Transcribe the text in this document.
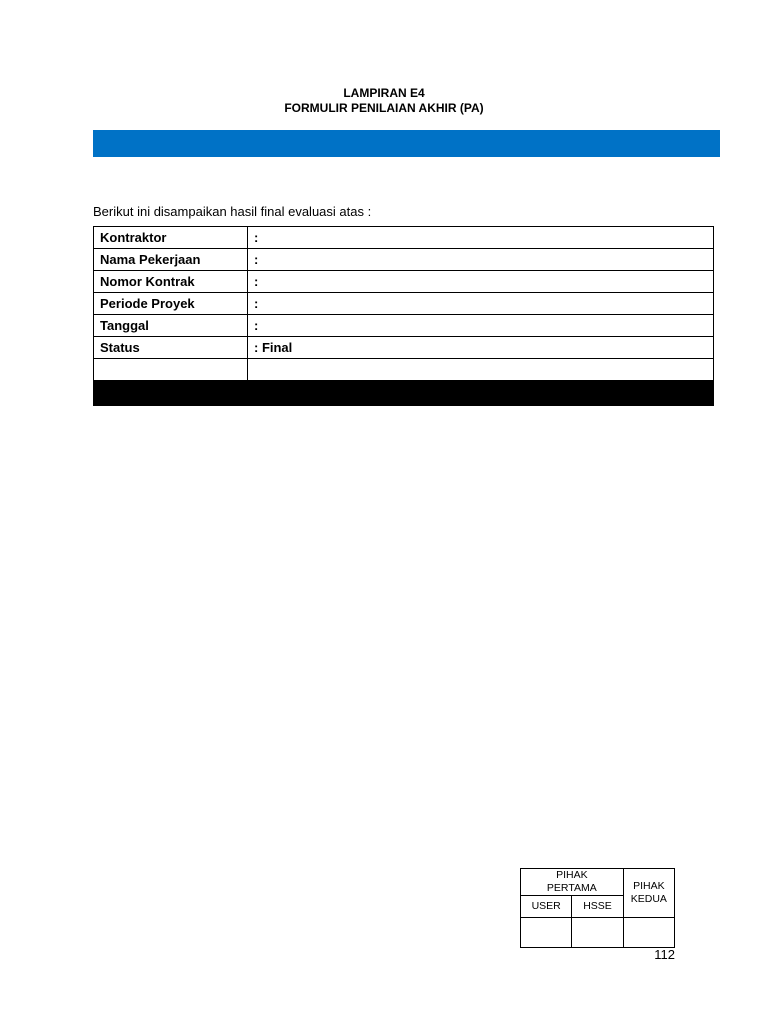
LAMPIRAN E4
FORMULIR PENILAIAN AKHIR (PA)
Berikut ini disampaikan hasil final evaluasi atas :
Kontraktor	:
Nama Pekerjaan	:
Nomor Kontrak	:
Periode Proyek	:
Tanggal	:
Status	: Final

PIHAK PERTAMA		PIHAK KEDUA
USER	HSSE	

112
